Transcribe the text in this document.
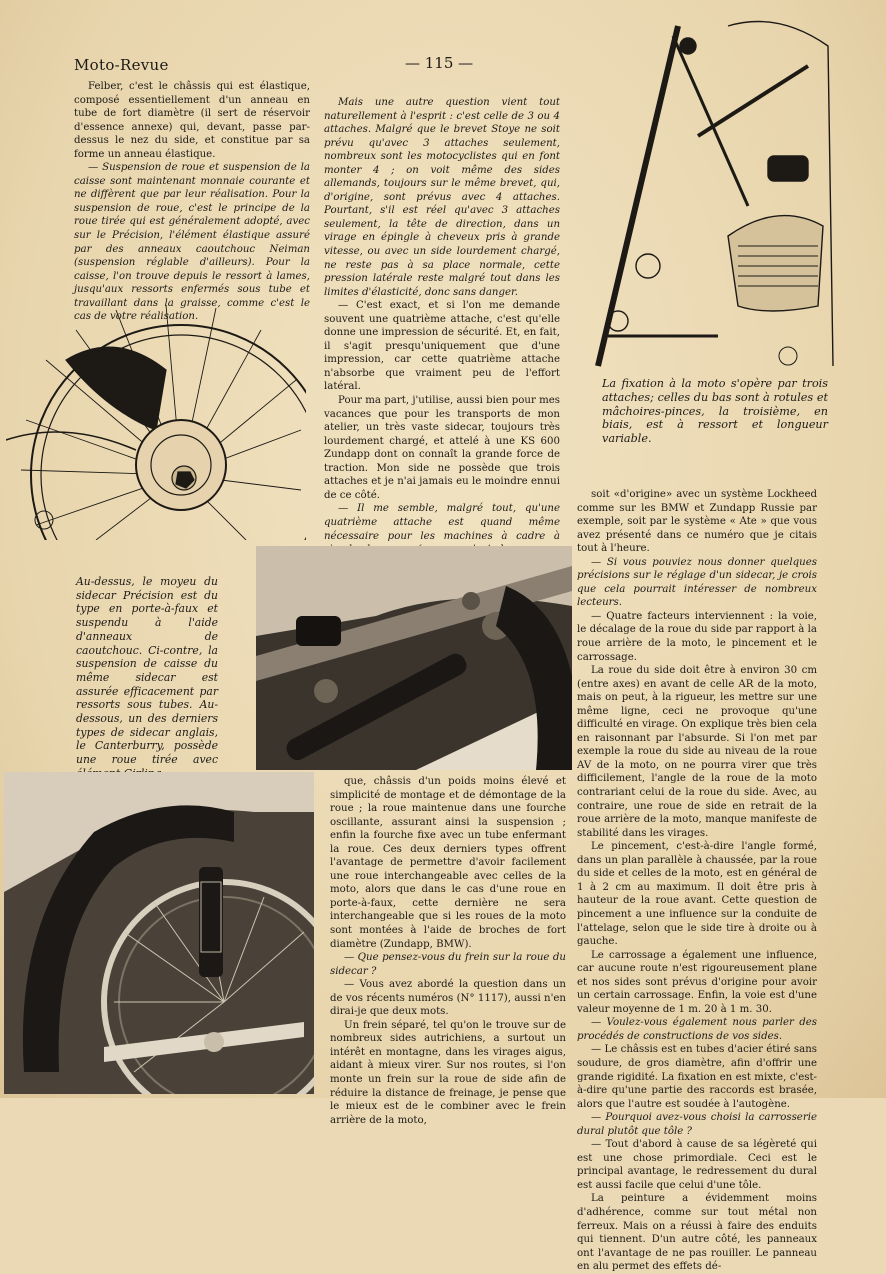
Moto-Revue	— 115 —

Felber, c'est le châssis qui est élastique, composé essentiellement d'un anneau en tube de fort diamètre (il sert de réservoir d'essence annexe) qui, devant, passe par-dessus le nez du side, et constitue par sa forme un anneau élastique.

— Suspension de roue et suspension de la caisse sont maintenant monnaie courante et ne diffèrent que par leur réalisation. Pour la suspension de roue, c'est le principe de la roue tirée qui est généralement adopté, avec sur le Précision, l'élément élastique assuré par des anneaux caoutchouc Neiman (suspension réglable d'ailleurs). Pour la caisse, l'on trouve depuis le ressort à lames, jusqu'aux ressorts enfermés sous tube et travaillant dans la graisse, comme c'est le cas de votre réalisation.

Mais une autre question vient tout naturellement à l'esprit : c'est celle de 3 ou 4 attaches. Malgré que le brevet Stoye ne soit prévu qu'avec 3 attaches seulement, nombreux sont les motocyclistes qui en font monter 4 ; on voit même des sides allemands, toujours sur le même brevet, qui, d'origine, sont prévus avec 4 attaches. Pourtant, s'il est réel qu'avec 3 attaches seulement, la tête de direction, dans un virage en épingle à cheveux pris à grande vitesse, ou avec un side lourdement chargé, ne reste pas à sa place normale, cette pression latérale reste malgré tout dans les limites d'élasticité, donc sans danger.

— C'est exact, et si l'on me demande souvent une quatrième attache, c'est qu'elle donne une impression de sécurité. Et, en fait, il s'agit presqu'uniquement que d'une impression, car cette quatrième attache n'absorbe que vraiment peu de l'effort latéral.

Pour ma part, j'utilise, aussi bien pour mes vacances que pour les transports de mon atelier, un très vaste sidecar, toujours très lourdement chargé, et attelé à une KS 600 Zundapp dont on connaît la grande force de traction. Mon side ne possède que trois attaches et je n'ai jamais eu le moindre ennui de ce côté.

— Il me semble, malgré tout, qu'une quatrième attache est quand même nécessaire pour les machines à cadre à

soit «d'origine» avec un système Lockheed comme sur les BMW et Zundapp Russie par exemple, soit par le système « Ate » que vous avez présenté dans ce numéro que je citais tout à l'heure.

— Si vous pouviez nous donner quelques précisions sur le réglage d'un sidecar, je crois que cela pourrait intéresser de nombreux lecteurs.

— Quatre facteurs interviennent : la voie, le décalage de la roue du side par rapport à la roue arrière de la moto, le pincement et le carrossage.

La roue du side doit être à environ 30 cm (entre axes) en avant de celle AR de la moto, mais on peut, à la rigueur, les mettre sur une même ligne, ceci ne provoque qu'une difficulté en virage. On explique très bien cela en raisonnant par l'absurde. Si l'on met par exemple la roue du side au niveau de la roue AV de la moto, on ne pourra virer que très difficilement, l'angle de la roue de la moto contrariant celui de la roue du side. Avec, au contraire, une roue de side en retrait de la roue arrière de la moto, manque manifeste de stabilité dans les virages.

Le pincement, c'est-à-dire l'angle formé, dans un plan parallèle à chaussée, par la roue du side et celles de la moto, est en général de 1 à 2 cm au maximum. Il doit être pris à hauteur de la roue avant. Cette question de pincement a une influence sur la conduite de l'attelage, selon que le side tire à droite ou à gauche.

Le carrossage a également une influence, car aucune route n'est rigoureusement plane et nos sides sont prévus d'origine pour avoir un certain carrossage. Enfin, la voie est d'une valeur moyenne de 1 m. 20 à 1 m. 30.

— Voulez-vous également nous parler des procédés de constructions de vos sides.

— Le châssis est en tubes d'acier étiré sans soudure, de gros diamètre, afin d'offrir une grande rigidité. La fixation en est mixte, c'est-à-dire qu'une partie des raccords est brasée, alors que l'autre est soudée à l'autogène.

— Pourquoi avez-vous choisi la carrosserie dural plutôt que tôle ?

— Tout d'abord à cause de sa légèreté qui est une chose primordiale. Ceci est le principal avantage, le redressement du dural est aussi facile que celui d'une tôle.

La peinture a évidemment moins d'adhérence, comme sur tout métal non ferreux. Mais on a réussi à faire des enduits qui tiennent. D'un autre côté, les panneaux ont l'avantage de ne pas rouiller. Le panneau en alu permet des effets dé-

que, châssis d'un poids moins élevé et simplicité de montage et de démontage de la roue ; la roue maintenue dans une fourche oscillante, assurant ainsi la suspension ; enfin la fourche fixe avec un tube enfermant la roue. Ces deux derniers types offrent l'avantage de permettre d'avoir facilement une roue interchangeable avec celles de la moto, alors que dans le cas d'une roue en porte-à-faux, cette dernière ne sera interchangeable que si les roues de la moto sont montées à l'aide de broches de fort diamètre (Zundapp, BMW).

— Que pensez-vous du frein sur la roue du sidecar ?

— Vous avez abordé la question dans un de vos récents numéros (N° 1117), aussi n'en dirai-je que deux mots.

Un frein séparé, tel qu'on le trouve sur de nombreux sides autrichiens, a surtout un intérêt en montagne, dans les virages aigus, aidant à mieux virer. Sur nos routes, si l'on monte un frein sur la roue de side afin de réduire la distance de freinage, je pense que le mieux est de le combiner avec le frein arrière de la moto,

Au-dessus, le moyeu du sidecar Précision est du type en porte-à-faux et suspendu à l'aide d'anneaux de caoutchouc. Ci-contre, la suspension de caisse du même sidecar est assurée efficacement par ressorts sous tubes. Au-dessous, un des derniers types de sidecar anglais, le Canterburry, possède une roue tirée avec
La fixation à la moto s'opère par trois attaches; celles du bas sont à rotules et mâchoires-pinces, la troisième, en biais, est à ressort et longueur variable.
